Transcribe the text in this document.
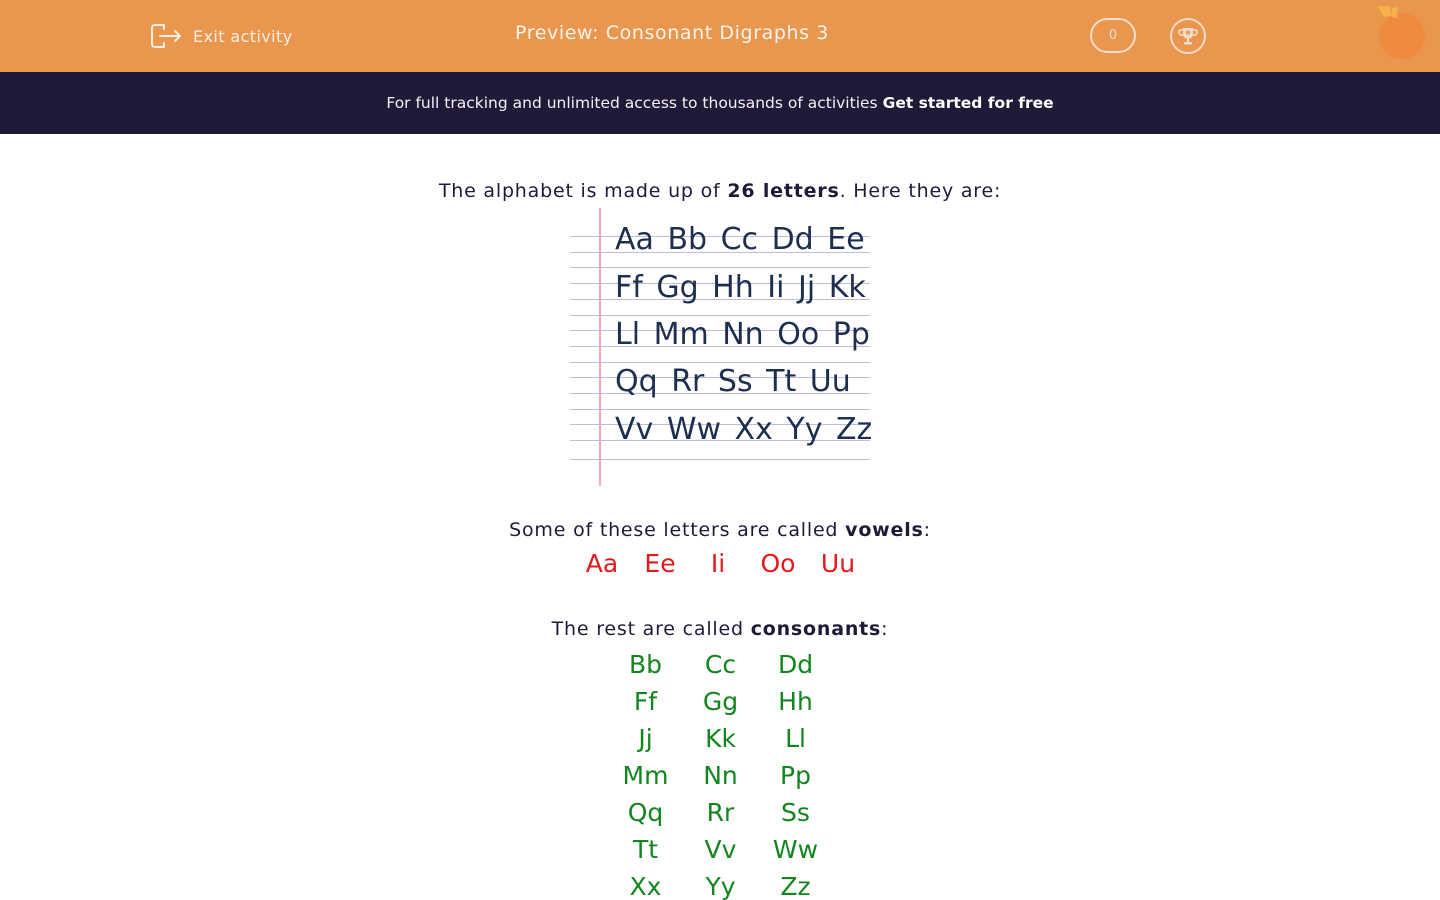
Exit activity	Preview: Consonant Digraphs 3	0
For full tracking and unlimited access to thousands of activities Get started for free
The alphabet is made up of 26 letters. Here they are:
Aa Bb Cc Dd Ee
Ff Gg Hh Ii Jj Kk
Ll Mm Nn Oo Pp
Qq Rr Ss Tt Uu
Vv Ww Xx Yy Zz
Some of these letters are called vowels:
Aa	Ee	Ii	Oo	Uu
The rest are called consonants:
Bb	Cc	Dd
Ff	Gg	Hh
Jj	Kk	Ll
Mm	Nn	Pp
Qq	Rr	Ss
Tt	Vv	Ww
Xx	Yy	Zz
